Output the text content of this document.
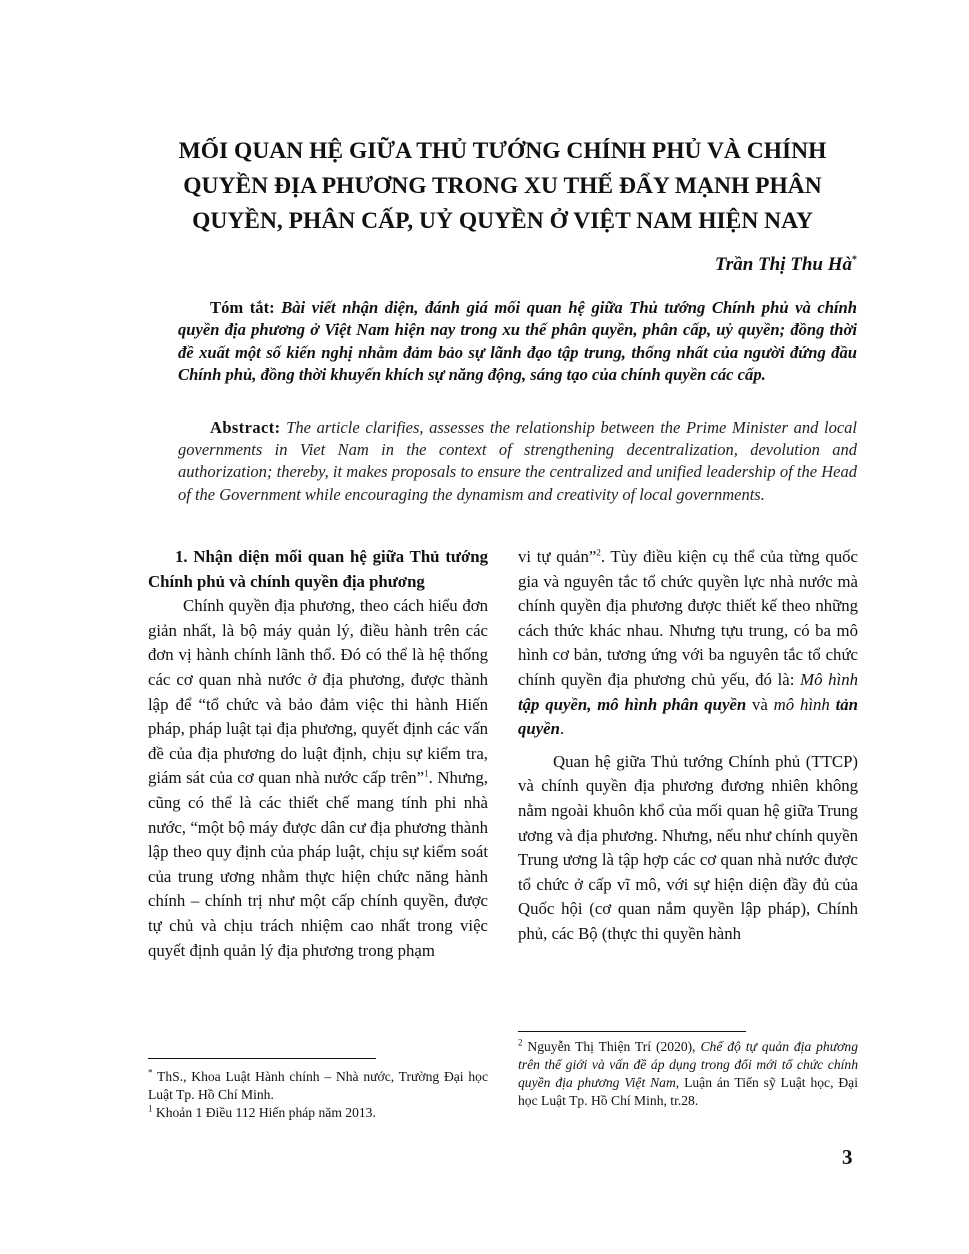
MỐI QUAN HỆ GIỮA THỦ TƯỚNG CHÍNH PHỦ VÀ CHÍNH
QUYỀN ĐỊA PHƯƠNG TRONG XU THẾ ĐẨY MẠNH PHÂN
QUYỀN, PHÂN CẤP, UỶ QUYỀN Ở VIỆT NAM HIỆN NAY
Trần Thị Thu Hà*

Tóm tắt: Bài viết nhận diện, đánh giá mối quan hệ giữa Thủ tướng Chính phủ và chính quyền địa phương ở Việt Nam hiện nay trong xu thế phân quyền, phân cấp, uỷ quyền; đồng thời đề xuất một số kiến nghị nhằm đảm bảo sự lãnh đạo tập trung, thống nhất của người đứng đầu Chính phủ, đồng thời khuyến khích sự năng động, sáng tạo của chính quyền các cấp.

Abstract: The article clarifies, assesses the relationship between the Prime Minister and local governments in Viet Nam in the context of strengthening decentralization, devolution and authorization; thereby, it makes proposals to ensure the centralized and unified leadership of the Head of the Government while encouraging the dynamism and creativity of local governments.

1. Nhận diện mối quan hệ giữa Thủ tướng Chính phủ và chính quyền địa phương

Chính quyền địa phương, theo cách hiểu đơn giản nhất, là bộ máy quản lý, điều hành trên các đơn vị hành chính lãnh thổ. Đó có thể là hệ thống các cơ quan nhà nước ở địa phương, được thành lập để “tổ chức và bảo đảm việc thi hành Hiến pháp, pháp luật tại địa phương, quyết định các vấn đề của địa phương do luật định, chịu sự kiểm tra, giám sát của cơ quan nhà nước cấp trên”$^1$. Nhưng, cũng có thể là các thiết chế mang tính phi nhà nước, “một bộ máy được dân cư địa phương thành lập theo quy định của pháp luật, chịu sự kiểm soát của trung ương nhằm thực hiện chức năng hành chính – chính trị như một cấp chính quyền, được tự chủ và chịu trách nhiệm cao nhất trong việc quyết định quản lý địa phương trong phạm

vi tự quản”$^2$. Tùy điều kiện cụ thể của từng quốc gia và nguyên tắc tổ chức quyền lực nhà nước mà chính quyền địa phương được thiết kế theo những cách thức khác nhau. Nhưng tựu trung, có ba mô hình cơ bản, tương ứng với ba nguyên tắc tổ chức chính quyền địa phương chủ yếu, đó là: Mô hình tập quyền, mô hình phân quyền và mô hình tản quyền.

Quan hệ giữa Thủ tướng Chính phủ (TTCP) và chính quyền địa phương đương nhiên không nằm ngoài khuôn khổ của mối quan hệ giữa Trung ương và địa phương. Nhưng, nếu như chính quyền Trung ương là tập hợp các cơ quan nhà nước được tổ chức ở cấp vĩ mô, với sự hiện diện đầy đủ của Quốc hội (cơ quan nắm quyền lập pháp), Chính phủ, các Bộ (thực thi quyền hành

* ThS., Khoa Luật Hành chính – Nhà nước, Trường Đại học Luật Tp. Hồ Chí Minh.

$^1$ Khoản 1 Điều 112 Hiến pháp năm 2013.

$^2$ Nguyễn Thị Thiện Trí (2020), Chế độ tự quản địa phương trên thế giới và vấn đề áp dụng trong đổi mới tổ chức chính quyền địa phương Việt Nam, Luận án Tiến sỹ Luật học, Đại học Luật Tp. Hồ Chí Minh, tr.28.

3
